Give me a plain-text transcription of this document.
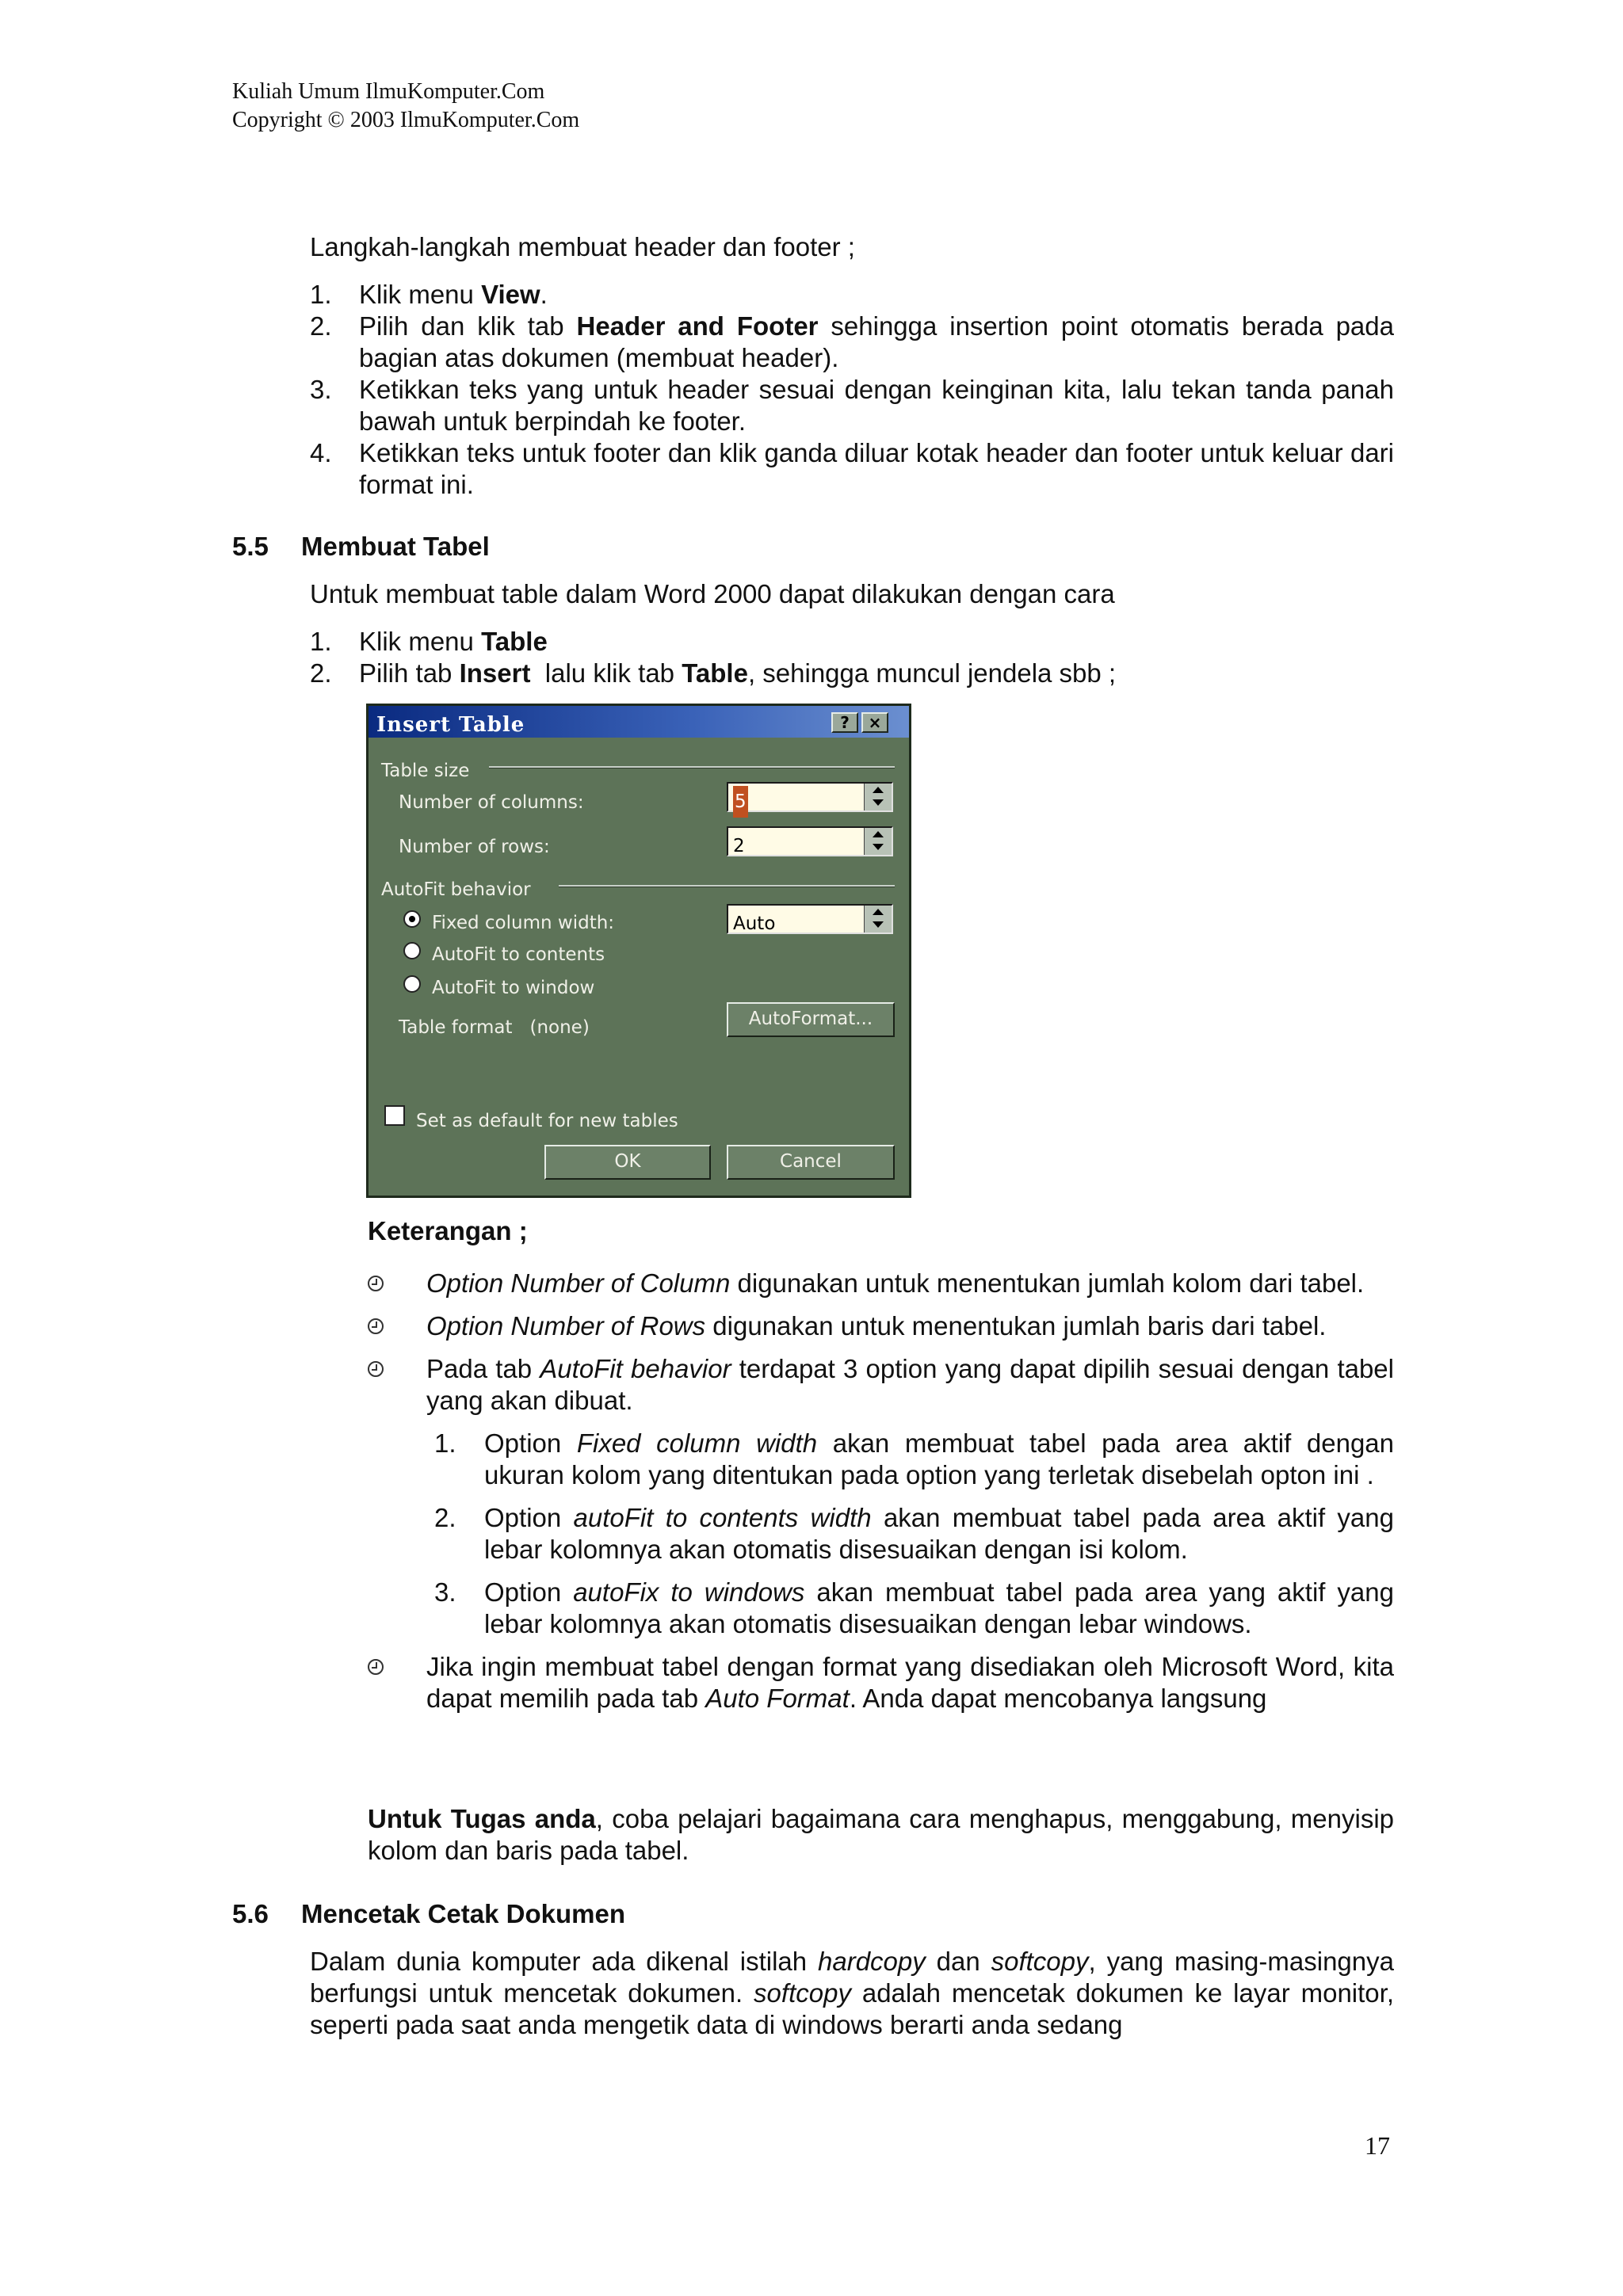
Kuliah Umum IlmuKomputer.Com
Copyright © 2003 IlmuKomputer.Com
Langkah-langkah membuat header dan footer ;
1. Klik menu View.
2. Pilih dan klik tab Header and Footer sehingga insertion point otomatis berada pada bagian atas dokumen (membuat header).
3. Ketikkan teks yang untuk header sesuai dengan keinginan kita, lalu tekan tanda panah bawah untuk berpindah ke footer.
4. Ketikkan teks untuk footer dan klik ganda diluar kotak header dan footer untuk keluar dari format ini.
5.5 Membuat Tabel
Untuk membuat table dalam Word 2000 dapat dilakukan dengan cara
1. Klik menu Table
2. Pilih tab Insert  lalu klik tab Table, sehingga muncul jendela sbb ;
Insert Table	?	×
Table size
Number of columns:	5
Number of rows:	2
AutoFit behavior
Fixed column width:	Auto
AutoFit to contents
AutoFit to window
Table format (none)	AutoFormat...
Set as default for new tables
OK	Cancel
Keterangan ;
Option Number of Column digunakan untuk menentukan jumlah kolom dari tabel.
Option Number of Rows digunakan untuk menentukan jumlah baris dari tabel.
Pada tab AutoFit behavior terdapat 3 option yang dapat dipilih sesuai dengan tabel yang akan dibuat.
1. Option Fixed column width akan membuat tabel pada area aktif dengan ukuran kolom yang ditentukan pada option yang terletak disebelah opton ini .
2. Option autoFit to contents width akan membuat tabel pada area aktif yang lebar kolomnya akan otomatis disesuaikan dengan isi kolom.
3. Option autoFix to windows akan membuat tabel pada area yang aktif yang lebar kolomnya akan otomatis disesuaikan dengan lebar windows.
Jika ingin membuat tabel dengan format yang disediakan oleh Microsoft Word, kita dapat memilih pada tab Auto Format. Anda dapat mencobanya langsung
Untuk Tugas anda, coba pelajari bagaimana cara menghapus, menggabung, menyisip kolom dan baris pada tabel.
5.6 Mencetak Cetak Dokumen
Dalam dunia komputer ada dikenal istilah hardcopy dan softcopy, yang masing-masingnya berfungsi untuk mencetak dokumen. softcopy adalah mencetak dokumen ke layar monitor, seperti pada saat anda mengetik data di windows berarti anda sedang
17
